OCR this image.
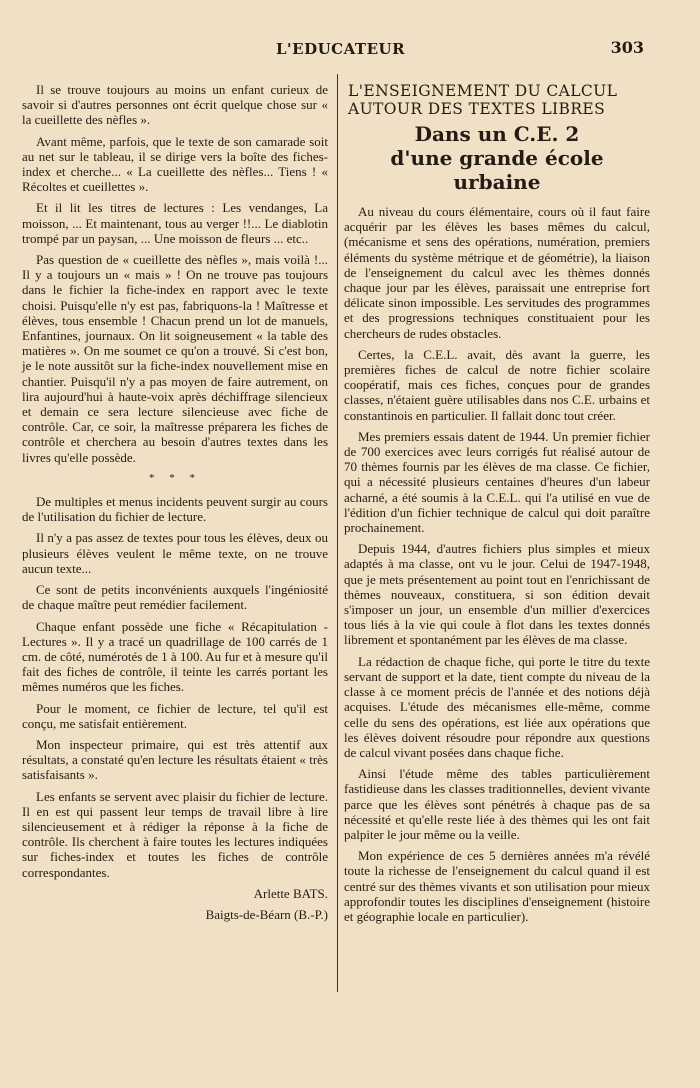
L'EDUCATEUR	303

Il se trouve toujours au moins un enfant curieux de savoir si d'autres personnes ont écrit quelque chose sur « la cueillette des nèfles ».

Avant même, parfois, que le texte de son camarade soit au net sur le tableau, il se dirige vers la boîte des fiches-index et cherche... « La cueillette des nèfles... Tiens ! « Récoltes et cueillettes ».

Et il lit les titres de lectures : Les vendanges, La moisson, ... Et maintenant, tous au verger !!... Le diablotin trompé par un paysan, ... Une moisson de fleurs ... etc..

Pas question de « cueillette des nèfles », mais voilà !... Il y a toujours un « mais » ! On ne trouve pas toujours dans le fichier la fiche-index en rapport avec le texte choisi. Puisqu'elle n'y est pas, fabriquons-la ! Maîtresse et élèves, tous ensemble ! Chacun prend un lot de manuels, Enfantines, journaux. On lit soigneusement « la table des matières ». On me soumet ce qu'on a trouvé. Si c'est bon, je le note aussitôt sur la fiche-index nouvellement mise en chantier. Puisqu'il n'y a pas moyen de faire autrement, on lira aujourd'hui à haute-voix après déchiffrage silencieux et demain ce sera lecture silencieuse avec fiche de contrôle. Car, ce soir, la maîtresse préparera les fiches de contrôle et cherchera au besoin d'autres textes dans les livres qu'elle possède.

* * *

De multiples et menus incidents peuvent surgir au cours de l'utilisation du fichier de lecture.

Il n'y a pas assez de textes pour tous les élèves, deux ou plusieurs élèves veulent le même texte, on ne trouve aucun texte...

Ce sont de petits inconvénients auxquels l'ingéniosité de chaque maître peut remédier facilement.

Chaque enfant possède une fiche « Récapitulation - Lectures ». Il y a tracé un quadrillage de 100 carrés de 1 cm. de côté, numérotés de 1 à 100. Au fur et à mesure qu'il fait des fiches de contrôle, il teinte les carrés portant les mêmes numéros que les fiches.

Pour le moment, ce fichier de lecture, tel qu'il est conçu, me satisfait entièrement.

Mon inspecteur primaire, qui est très attentif aux résultats, a constaté qu'en lecture les résultats étaient « très satisfaisants ».

Les enfants se servent avec plaisir du fichier de lecture. Il en est qui passent leur temps de travail libre à lire silencieusement et à rédiger la réponse à la fiche de contrôle. Ils cherchent à faire toutes les lectures indiquées sur fiches-index et toutes les fiches de contrôle correspondantes.

Arlette BATS.

Baigts-de-Béarn (B.-P.)

L'ENSEIGNEMENT DU CALCUL
AUTOUR DES TEXTES LIBRES
Dans un C.E. 2
d'une grande école urbaine

Au niveau du cours élémentaire, cours où il faut faire acquérir par les élèves les bases mêmes du calcul, (mécanisme et sens des opérations, numération, premiers éléments du système métrique et de géométrie), la liaison de l'enseignement du calcul avec les thèmes donnés chaque jour par les élèves, paraissait une entreprise fort délicate sinon impossible. Les servitudes des programmes et des progressions techniques constituaient pour les chercheurs de rudes obstacles.

Certes, la C.E.L. avait, dès avant la guerre, les premières fiches de calcul de notre fichier scolaire coopératif, mais ces fiches, conçues pour de grandes classes, n'étaient guère utilisables dans nos C.E. urbains et constantinois en particulier. Il fallait donc tout créer.

Mes premiers essais datent de 1944. Un premier fichier de 700 exercices avec leurs corrigés fut réalisé autour de 70 thèmes fournis par les élèves de ma classe. Ce fichier, qui a nécessité plusieurs centaines d'heures d'un labeur acharné, a été soumis à la C.E.L. qui l'a utilisé en vue de l'édition d'un fichier technique de calcul qui doit paraître prochainement.

Depuis 1944, d'autres fichiers plus simples et mieux adaptés à ma classe, ont vu le jour. Celui de 1947-1948, que je mets présentement au point tout en l'enrichissant de thèmes nouveaux, constituera, si son édition devait s'imposer un jour, un ensemble d'un millier d'exercices tous liés à la vie qui coule à flot dans les textes donnés librement et spontanément par les élèves de ma classe.

La rédaction de chaque fiche, qui porte le titre du texte servant de support et la date, tient compte du niveau de la classe à ce moment précis de l'année et des notions déjà acquises. L'étude des mécanismes elle-même, comme celle du sens des opérations, est liée aux opérations que les élèves doivent résoudre pour répondre aux questions de calcul vivant posées dans chaque fiche.

Ainsi l'étude même des tables particulièrement fastidieuse dans les classes traditionnelles, devient vivante parce que les élèves sont pénétrés à chaque pas de sa nécessité et qu'elle reste liée à des thèmes qui les ont fait palpiter le jour même ou la veille.

Mon expérience de ces 5 dernières années m'a révélé toute la richesse de l'enseignement du calcul quand il est centré sur des thèmes vivants et son utilisation pour mieux approfondir toutes les disciplines d'enseignement (histoire et géographie locale en particulier).
